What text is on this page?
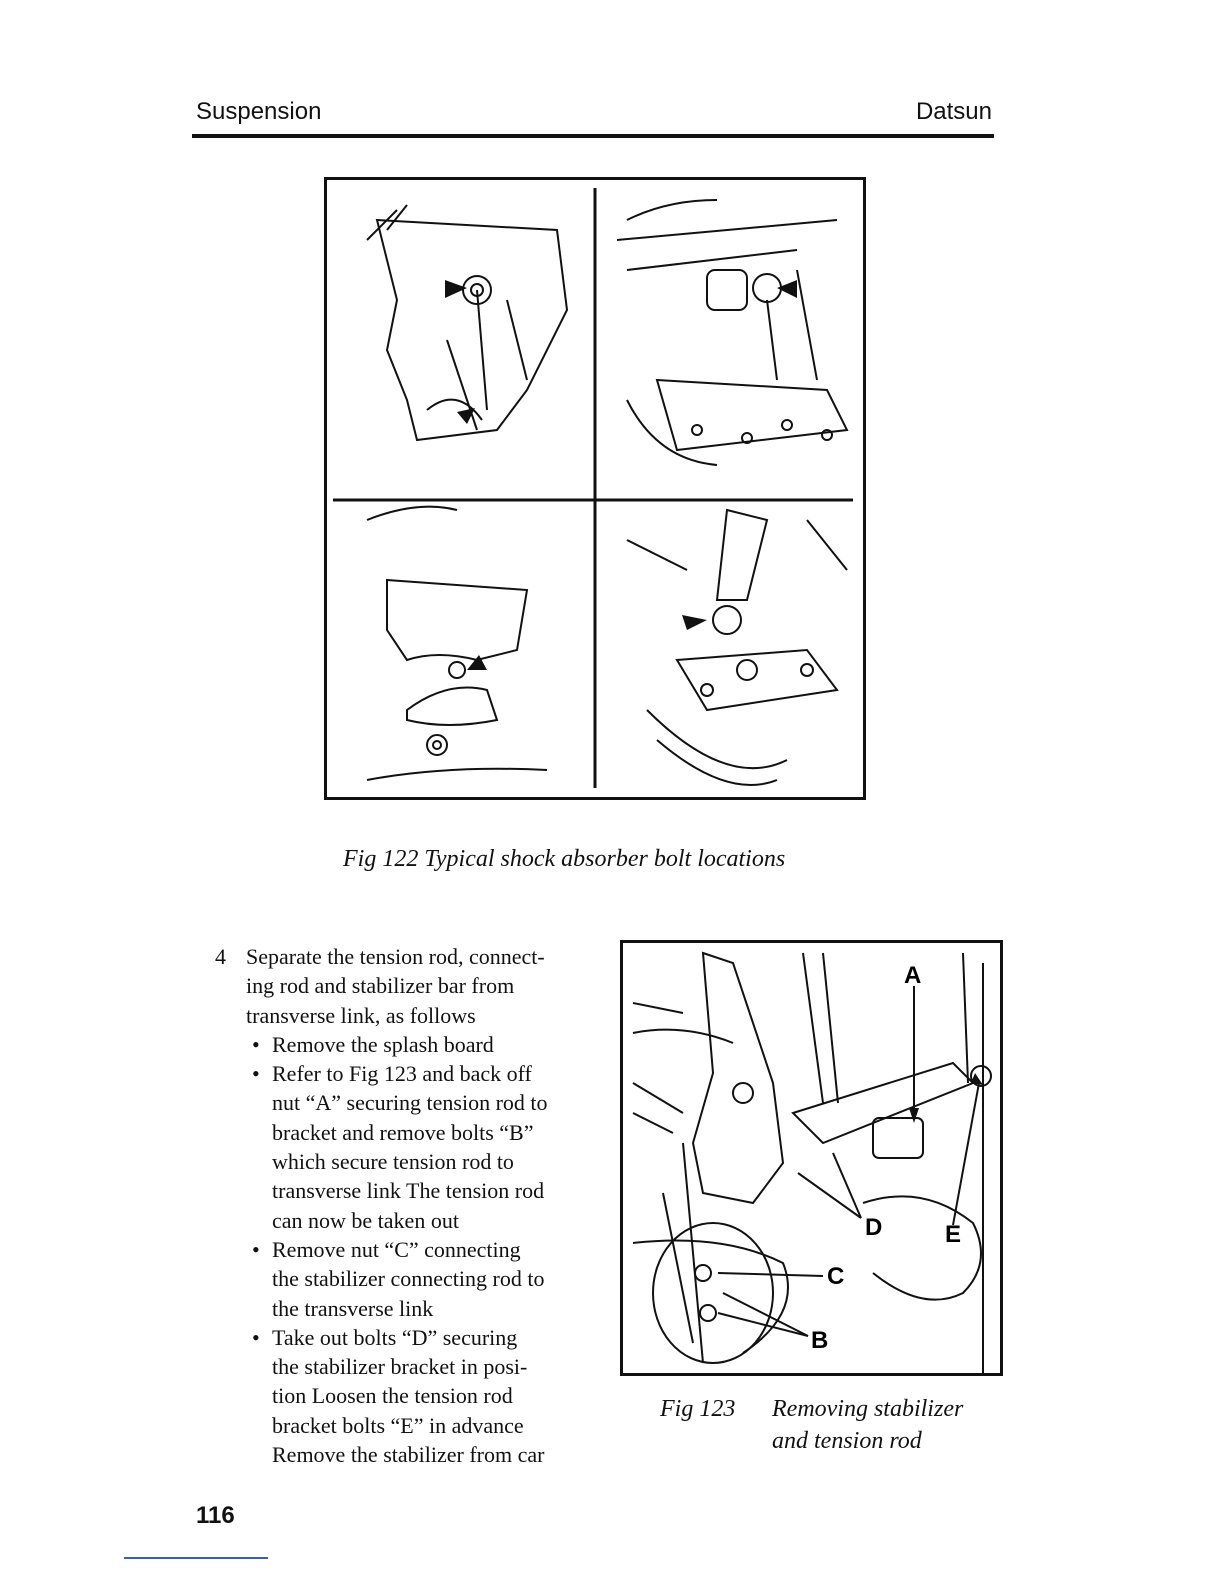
Suspension	Datsun
Fig 122 Typical shock absorber bolt locations
4 Separate the tension rod, connect-
ing rod and stabilizer bar from
transverse link, as follows
• Remove the splash board
• Refer to Fig 123 and back off
nut “A” securing tension rod to
bracket and remove bolts “B”
which secure tension rod to
transverse link The tension rod
can now be taken out
• Remove nut “C” connecting
the stabilizer connecting rod to
the transverse link
• Take out bolts “D” securing
the stabilizer bracket in posi-
tion Loosen the tension rod
bracket bolts “E” in advance
Remove the stabilizer from car
A
B
C
D	E
Fig 123 Removing stabilizer
and tension rod
116
